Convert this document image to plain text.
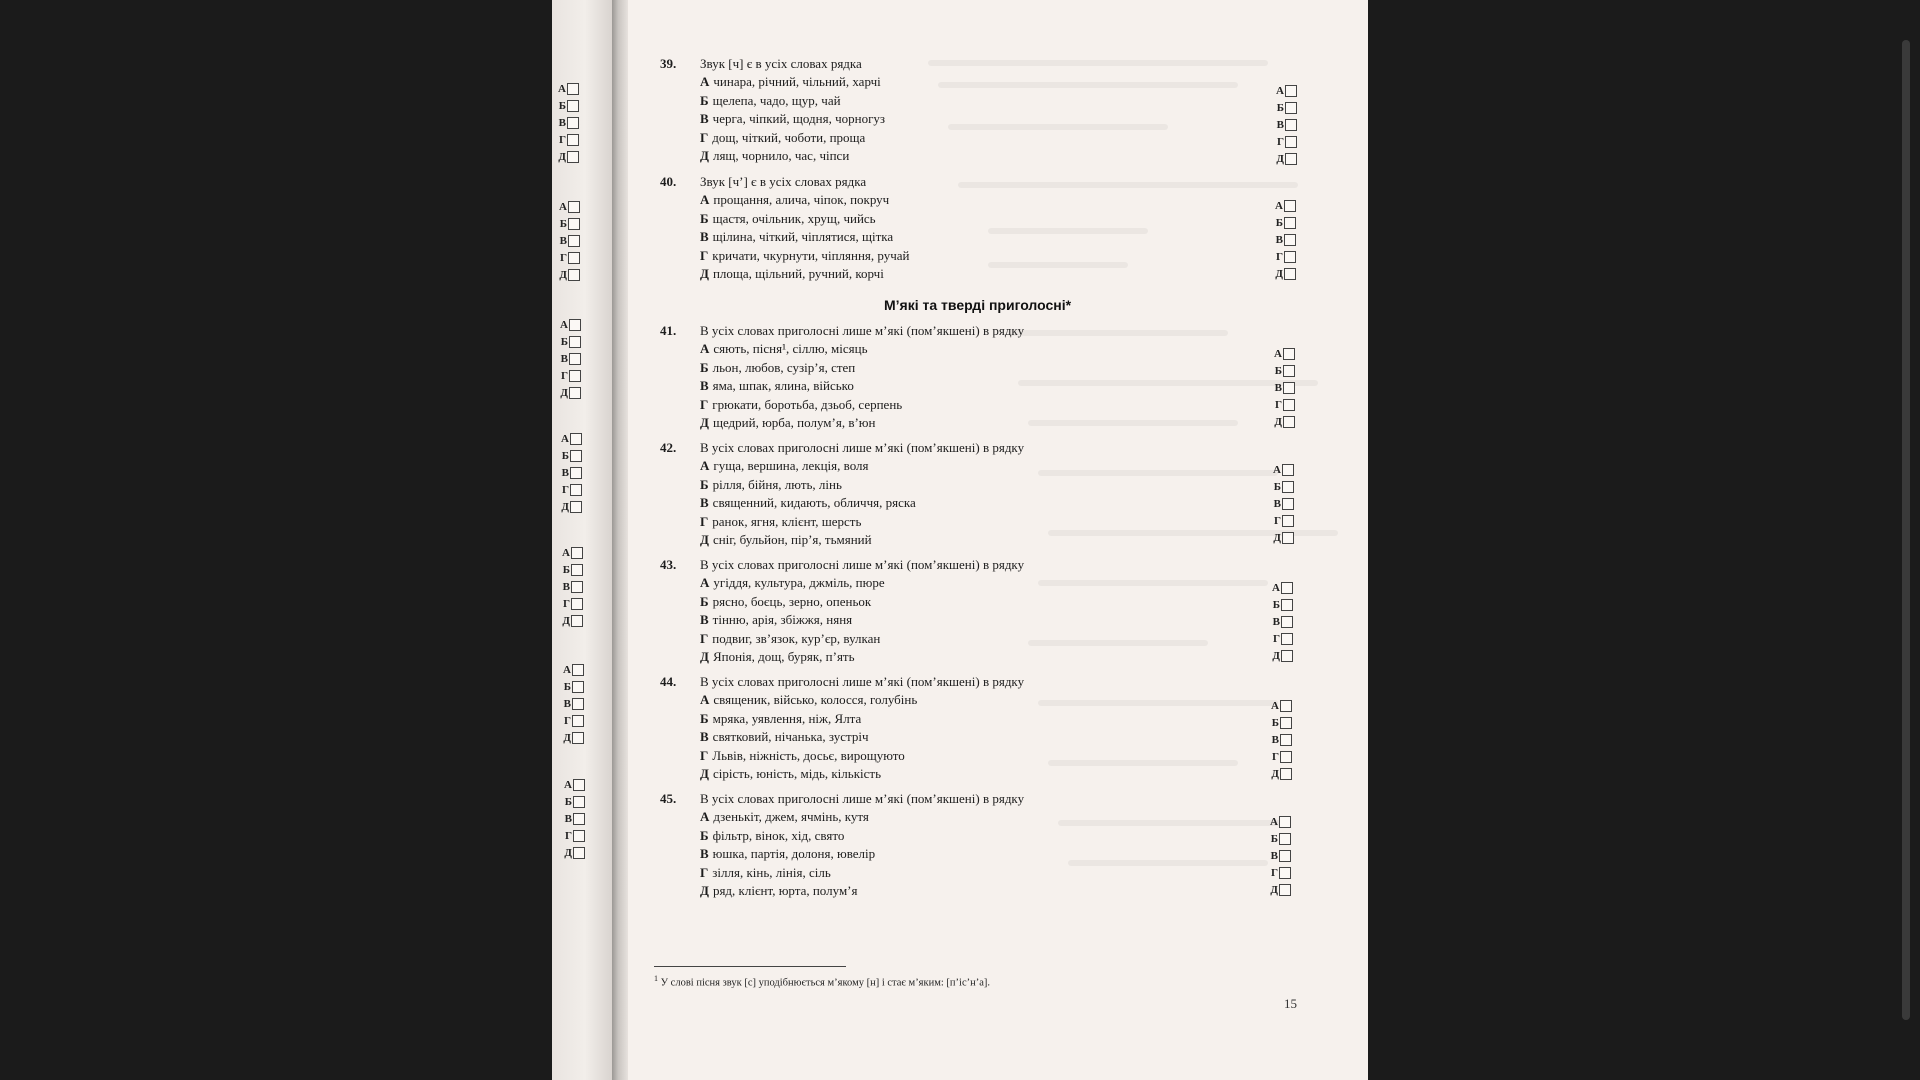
А
Б
В
Г
Д
А
Б
В
Г
Д
А
Б
В
Г
Д
А
Б
В
Г
Д
А
Б
В
Г
Д
А
Б
В
Г
Д
А
Б
В
Г
Д
39.	Звук [ч] є в усіх словах рядка
А чинара, річний, чільний, харчі
Б щелепа, чадо, щур, чай
В черга, чіпкий, щодня, чорногуз
Г дощ, чіткий, чоботи, проща
Д лящ, чорнило, час, чіпси
40.	Звук [ч’] є в усіх словах рядка
А прощання, алича, чіпок, покруч
Б щастя, очільник, хрущ, чийсь
В щілина, чіткий, чіплятися, щітка
Г кричати, чкурнути, чіпляння, ручай
Д площа, щільний, ручний, корчі
М’які та тверді приголосні*
41.	В усіх словах приголосні лише м’які (пом’якшені) в рядку
А сяють, пісня¹, сіллю, місяць
Б льон, любов, сузір’я, степ
В яма, шпак, ялина, військо
Г грюкати, боротьба, дзьоб, серпень
Д щедрий, юрба, полум’я, в’юн
42.	В усіх словах приголосні лише м’які (пом’якшені) в рядку
А гуща, вершина, лекція, воля
Б рілля, бійня, лють, лінь
В священний, кидають, обличчя, ряска
Г ранок, ягня, клієнт, шерсть
Д сніг, бульйон, пір’я, тьмяний
43.	В усіх словах приголосні лише м’які (пом’якшені) в рядку
А угіддя, культура, джміль, пюре
Б рясно, боєць, зерно, опеньок
В тінню, арія, збіжжя, няня
Г подвиг, зв’язок, кур’єр, вулкан
Д Японія, дощ, буряк, п’ять
44.	В усіх словах приголосні лише м’які (пом’якшені) в рядку
А священик, військо, колосся, голубінь
Б мряка, уявлення, ніж, Ялта
В святковий, нічанька, зустріч
Г Львів, ніжність, досьє, вирощуюто
Д сірість, юність, мідь, кількість
45.	В усіх словах приголосні лише м’які (пом’якшені) в рядку
А дзенькіт, джем, ячмінь, кутя
Б фільтр, вінок, хід, свято
В юшка, партія, долоня, ювелір
Г зілля, кінь, лінія, сіль
Д ряд, клієнт, юрта, полум’я
А
Б
В
Г
Д
А
Б
В
Г
Д
А
Б
В
Г
Д
А
Б
В
Г
Д
А
Б
В
Г
Д
А
Б
В
Г
Д
А
Б
В
Г
Д
$^1$ У слові пісня звук [с] уподібнюється м’якому [н] і стає м’яким: [п’іс’н’а].
15
